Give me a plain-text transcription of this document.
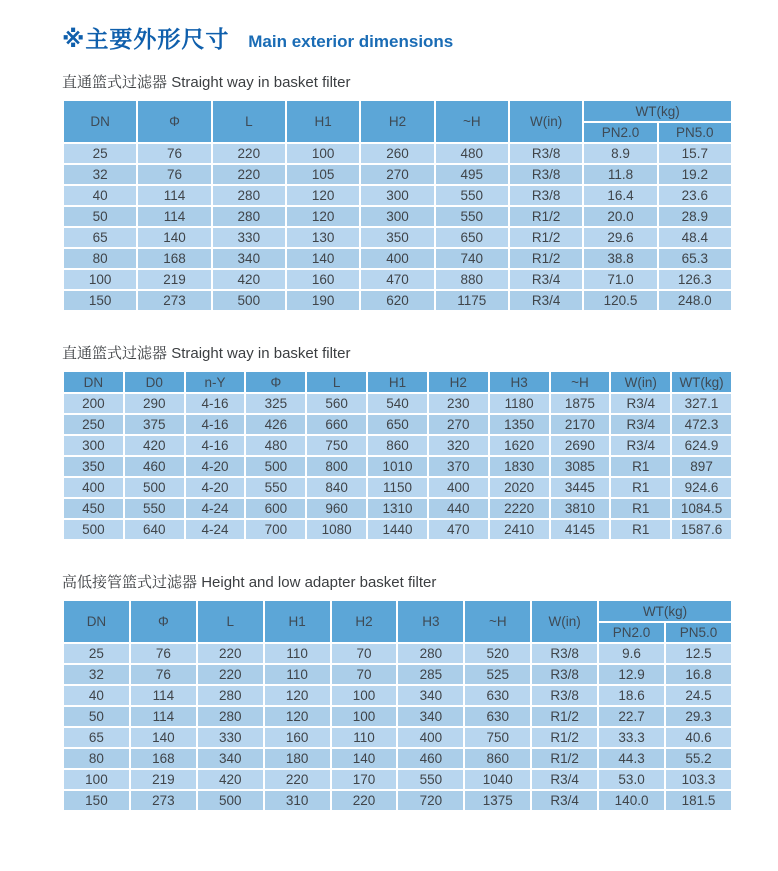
※主要外形尺寸 Main exterior dimensions

直通篮式过滤器 Straight way in basket filter

DN	Φ	L	H1	H2	~H	W(in)	WT(kg)	
							PN2.0	PN5.0
25	76	220	100	260	480	R3/8	8.9	15.7
32	76	220	105	270	495	R3/8	11.8	19.2
40	114	280	120	300	550	R3/8	16.4	23.6
50	114	280	120	300	550	R1/2	20.0	28.9
65	140	330	130	350	650	R1/2	29.6	48.4
80	168	340	140	400	740	R1/2	38.8	65.3
100	219	420	160	470	880	R3/4	71.0	126.3
150	273	500	190	620	1175	R3/4	120.5	248.0

直通篮式过滤器 Straight way in basket filter

DN	D0	n-Y	Φ	L	H1	H2	H3	~H	W(in)	WT(kg)
200	290	4-16	325	560	540	230	1180	1875	R3/4	327.1
250	375	4-16	426	660	650	270	1350	2170	R3/4	472.3
300	420	4-16	480	750	860	320	1620	2690	R3/4	624.9
350	460	4-20	500	800	1010	370	1830	3085	R1	897
400	500	4-20	550	840	1150	400	2020	3445	R1	924.6
450	550	4-24	600	960	1310	440	2220	3810	R1	1084.5
500	640	4-24	700	1080	1440	470	2410	4145	R1	1587.6

高低接管篮式过滤器 Height and low adapter basket filter

DN	Φ	L	H1	H2	H3	~H	W(in)	WT(kg)	
								PN2.0	PN5.0
25	76	220	110	70	280	520	R3/8	9.6	12.5
32	76	220	110	70	285	525	R3/8	12.9	16.8
40	114	280	120	100	340	630	R3/8	18.6	24.5
50	114	280	120	100	340	630	R1/2	22.7	29.3
65	140	330	160	110	400	750	R1/2	33.3	40.6
80	168	340	180	140	460	860	R1/2	44.3	55.2
100	219	420	220	170	550	1040	R3/4	53.0	103.3
150	273	500	310	220	720	1375	R3/4	140.0	181.5
